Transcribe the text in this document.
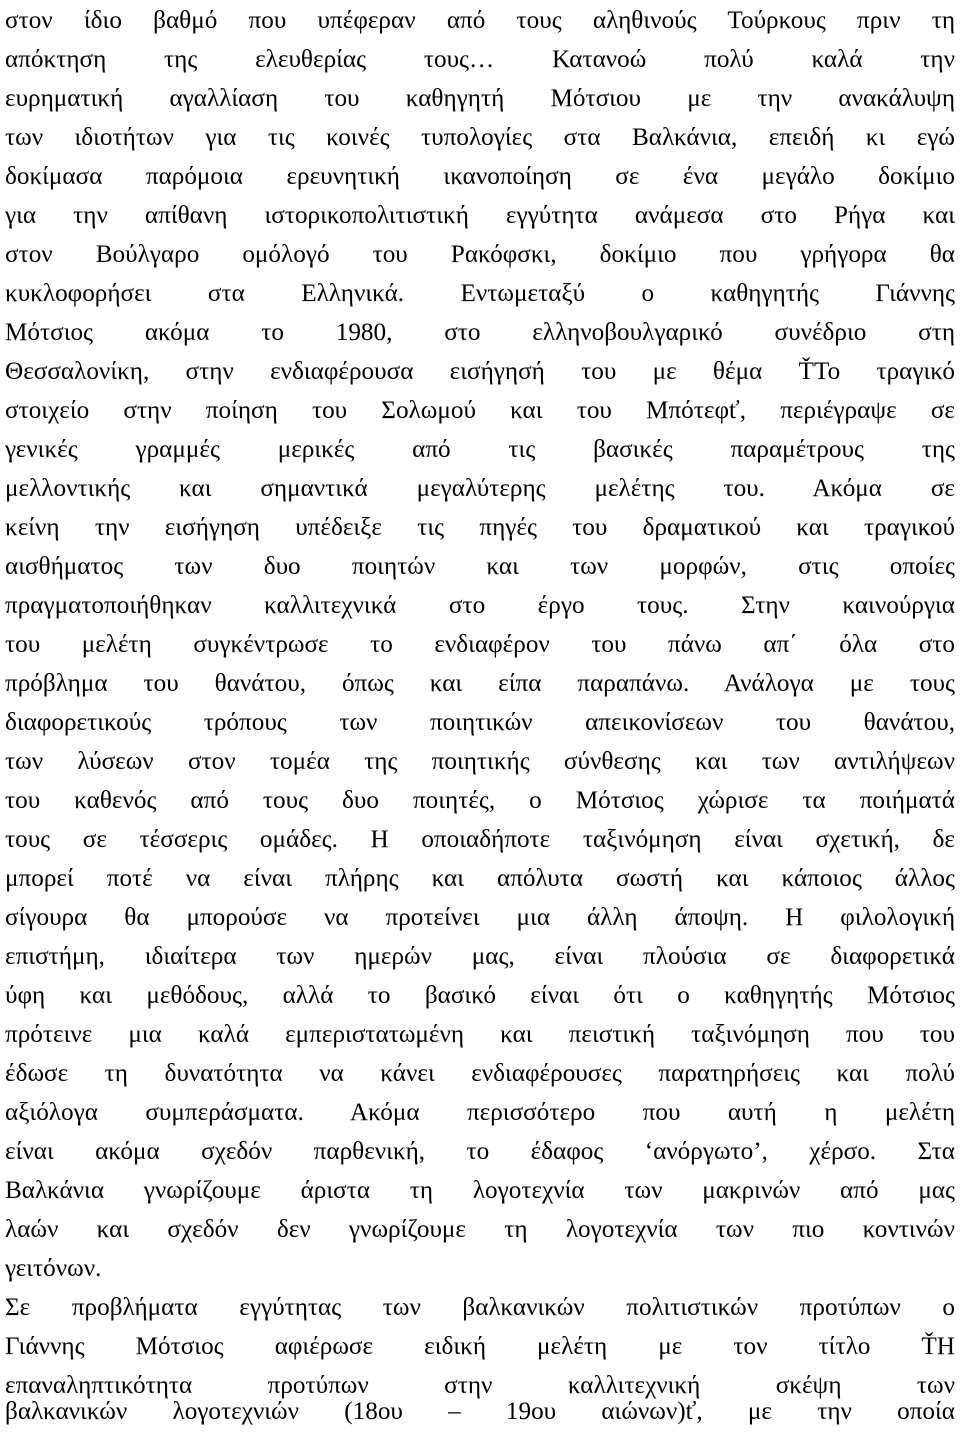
στον ίδιο βαθμό που υπέφεραν από τους αληθινούς Τούρκους πριν τη
απόκτηση της ελευθερίας τους… Κατανοώ πολύ καλά την
ευρηματική αγαλλίαση του καθηγητή Μότσιου με την ανακάλυψη
των ιδιοτήτων για τις κοινές τυπολογίες στα Βαλκάνια, επειδή κι εγώ
δοκίμασα παρόμοια ερευνητική ικανοποίηση σε ένα μεγάλο δοκίμιο
για την απίθανη ιστορικοπολιτιστική εγγύτητα ανάμεσα στο Ρήγα και
στον Βούλγαρο ομόλογό του Ρακόφσκι, δοκίμιο που γρήγορα θα
κυκλοφορήσει στα Ελληνικά. Εντωμεταξύ ο καθηγητής Γιάννης
Μότσιος ακόμα το 1980, στο ελληνοβουλγαρικό συνέδριο στη
Θεσσαλονίκη, στην ενδιαφέρουσα εισήγησή του με θέμα ŤΤο τραγικό
στοιχείο στην ποίηση του Σολωμού και του Μπότεφť, περιέγραψε σε
γενικές γραμμές μερικές από τις βασικές παραμέτρους της
μελλοντικής και σημαντικά μεγαλύτερης μελέτης του. Ακόμα σε
κείνη την εισήγηση υπέδειξε τις πηγές του δραματικού και τραγικού
αισθήματος των δυο ποιητών και των μορφών, στις οποίες
πραγματοποιήθηκαν καλλιτεχνικά στο έργο τους. Στην καινούργια
του μελέτη συγκέντρωσε το ενδιαφέρον του πάνω απ΄ όλα στο
πρόβλημα του θανάτου, όπως και είπα παραπάνω. Ανάλογα με τους
διαφορετικούς τρόπους των ποιητικών απεικονίσεων του θανάτου,
των λύσεων στον τομέα της ποιητικής σύνθεσης και των αντιλήψεων
του καθενός από τους δυο ποιητές, ο Μότσιος χώρισε τα ποιήματά
τους σε τέσσερις ομάδες. Η οποιαδήποτε ταξινόμηση είναι σχετική, δε
μπορεί ποτέ να είναι πλήρης και απόλυτα σωστή και κάποιος άλλος
σίγουρα θα μπορούσε να προτείνει μια άλλη άποψη. Η φιλολογική
επιστήμη, ιδιαίτερα των ημερών μας, είναι πλούσια σε διαφορετικά
ύφη και μεθόδους, αλλά το βασικό είναι ότι ο καθηγητής Μότσιος
πρότεινε μια καλά εμπεριστατωμένη και πειστική ταξινόμηση που του
έδωσε τη δυνατότητα να κάνει ενδιαφέρουσες παρατηρήσεις και πολύ
αξιόλογα συμπεράσματα. Ακόμα περισσότερο που αυτή η μελέτη
είναι ακόμα σχεδόν παρθενική, το έδαφος ‘ανόργωτο’, χέρσο. Στα
Βαλκάνια γνωρίζουμε άριστα τη λογοτεχνία των μακρινών από μας
λαών και σχεδόν δεν γνωρίζουμε τη λογοτεχνία των πιο κοντινών
γειτόνων.
Σε προβλήματα εγγύτητας των βαλκανικών πολιτιστικών προτύπων ο
Γιάννης Μότσιος αφιέρωσε ειδική μελέτη με τον τίτλο ŤΗ
επαναληπτικότητα προτύπων στην καλλιτεχνική σκέψη των
βαλκανικών λογοτεχνιών (18ου – 19ου αιώνων)ť, με την οποία
